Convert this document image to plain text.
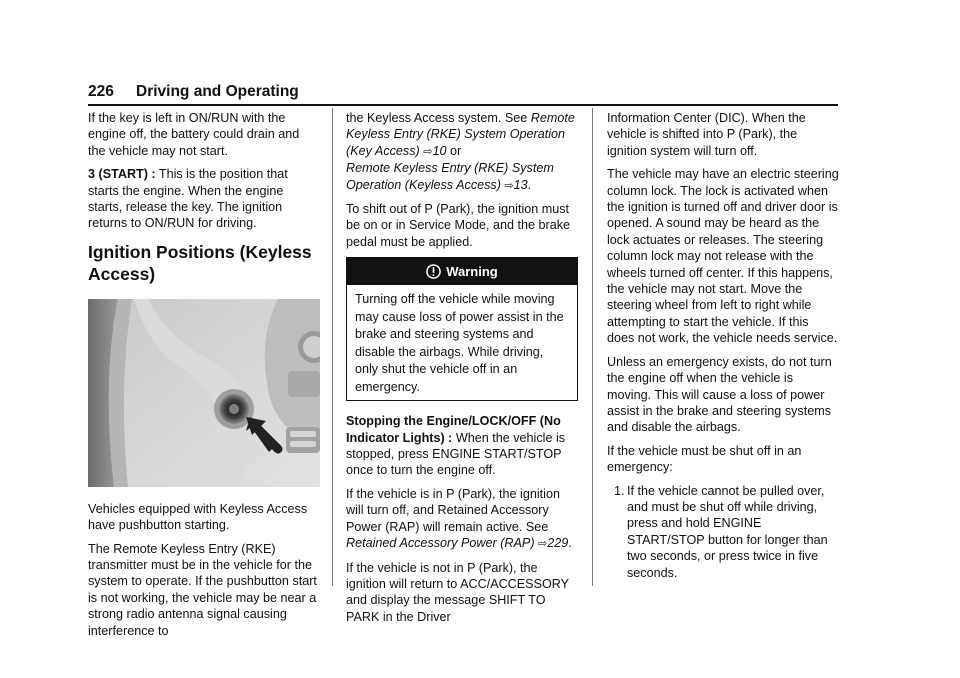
226 Driving and Operating

If the key is left in ON/RUN with the engine off, the battery could drain and the vehicle may not start.

3 (START) : This is the position that starts the engine. When the engine starts, release the key. The ignition returns to ON/RUN for driving.

Ignition Positions (Keyless Access)

Vehicles equipped with Keyless Access have pushbutton starting.

The Remote Keyless Entry (RKE) transmitter must be in the vehicle for the system to operate. If the pushbutton start is not working, the vehicle may be near a strong radio antenna signal causing interference to

the Keyless Access system. See Remote Keyless Entry (RKE) System Operation (Key Access) ⇨10 or
Remote Keyless Entry (RKE) System Operation (Keyless Access) ⇨13.

To shift out of P (Park), the ignition must be on or in Service Mode, and the brake pedal must be applied.

Warning
Turning off the vehicle while moving may cause loss of power assist in the brake and steering systems and disable the airbags. While driving, only shut the vehicle off in an emergency.

Stopping the Engine/LOCK/OFF (No Indicator Lights) : When the vehicle is stopped, press ENGINE START/STOP once to turn the engine off.

If the vehicle is in P (Park), the ignition will turn off, and Retained Accessory Power (RAP) will remain active. See Retained Accessory Power (RAP) ⇨229.

If the vehicle is not in P (Park), the ignition will return to ACC/ACCESSORY and display the message SHIFT TO PARK in the Driver

Information Center (DIC). When the vehicle is shifted into P (Park), the ignition system will turn off.

The vehicle may have an electric steering column lock. The lock is activated when the ignition is turned off and driver door is opened. A sound may be heard as the lock actuates or releases. The steering column lock may not release with the wheels turned off center. If this happens, the vehicle may not start. Move the steering wheel from left to right while attempting to start the vehicle. If this does not work, the vehicle needs service.

Unless an emergency exists, do not turn the engine off when the vehicle is moving. This will cause a loss of power assist in the brake and steering systems and disable the airbags.

If the vehicle must be shut off in an emergency:

1. If the vehicle cannot be pulled over, and must be shut off while driving, press and hold ENGINE START/STOP button for longer than two seconds, or press twice in five seconds.
